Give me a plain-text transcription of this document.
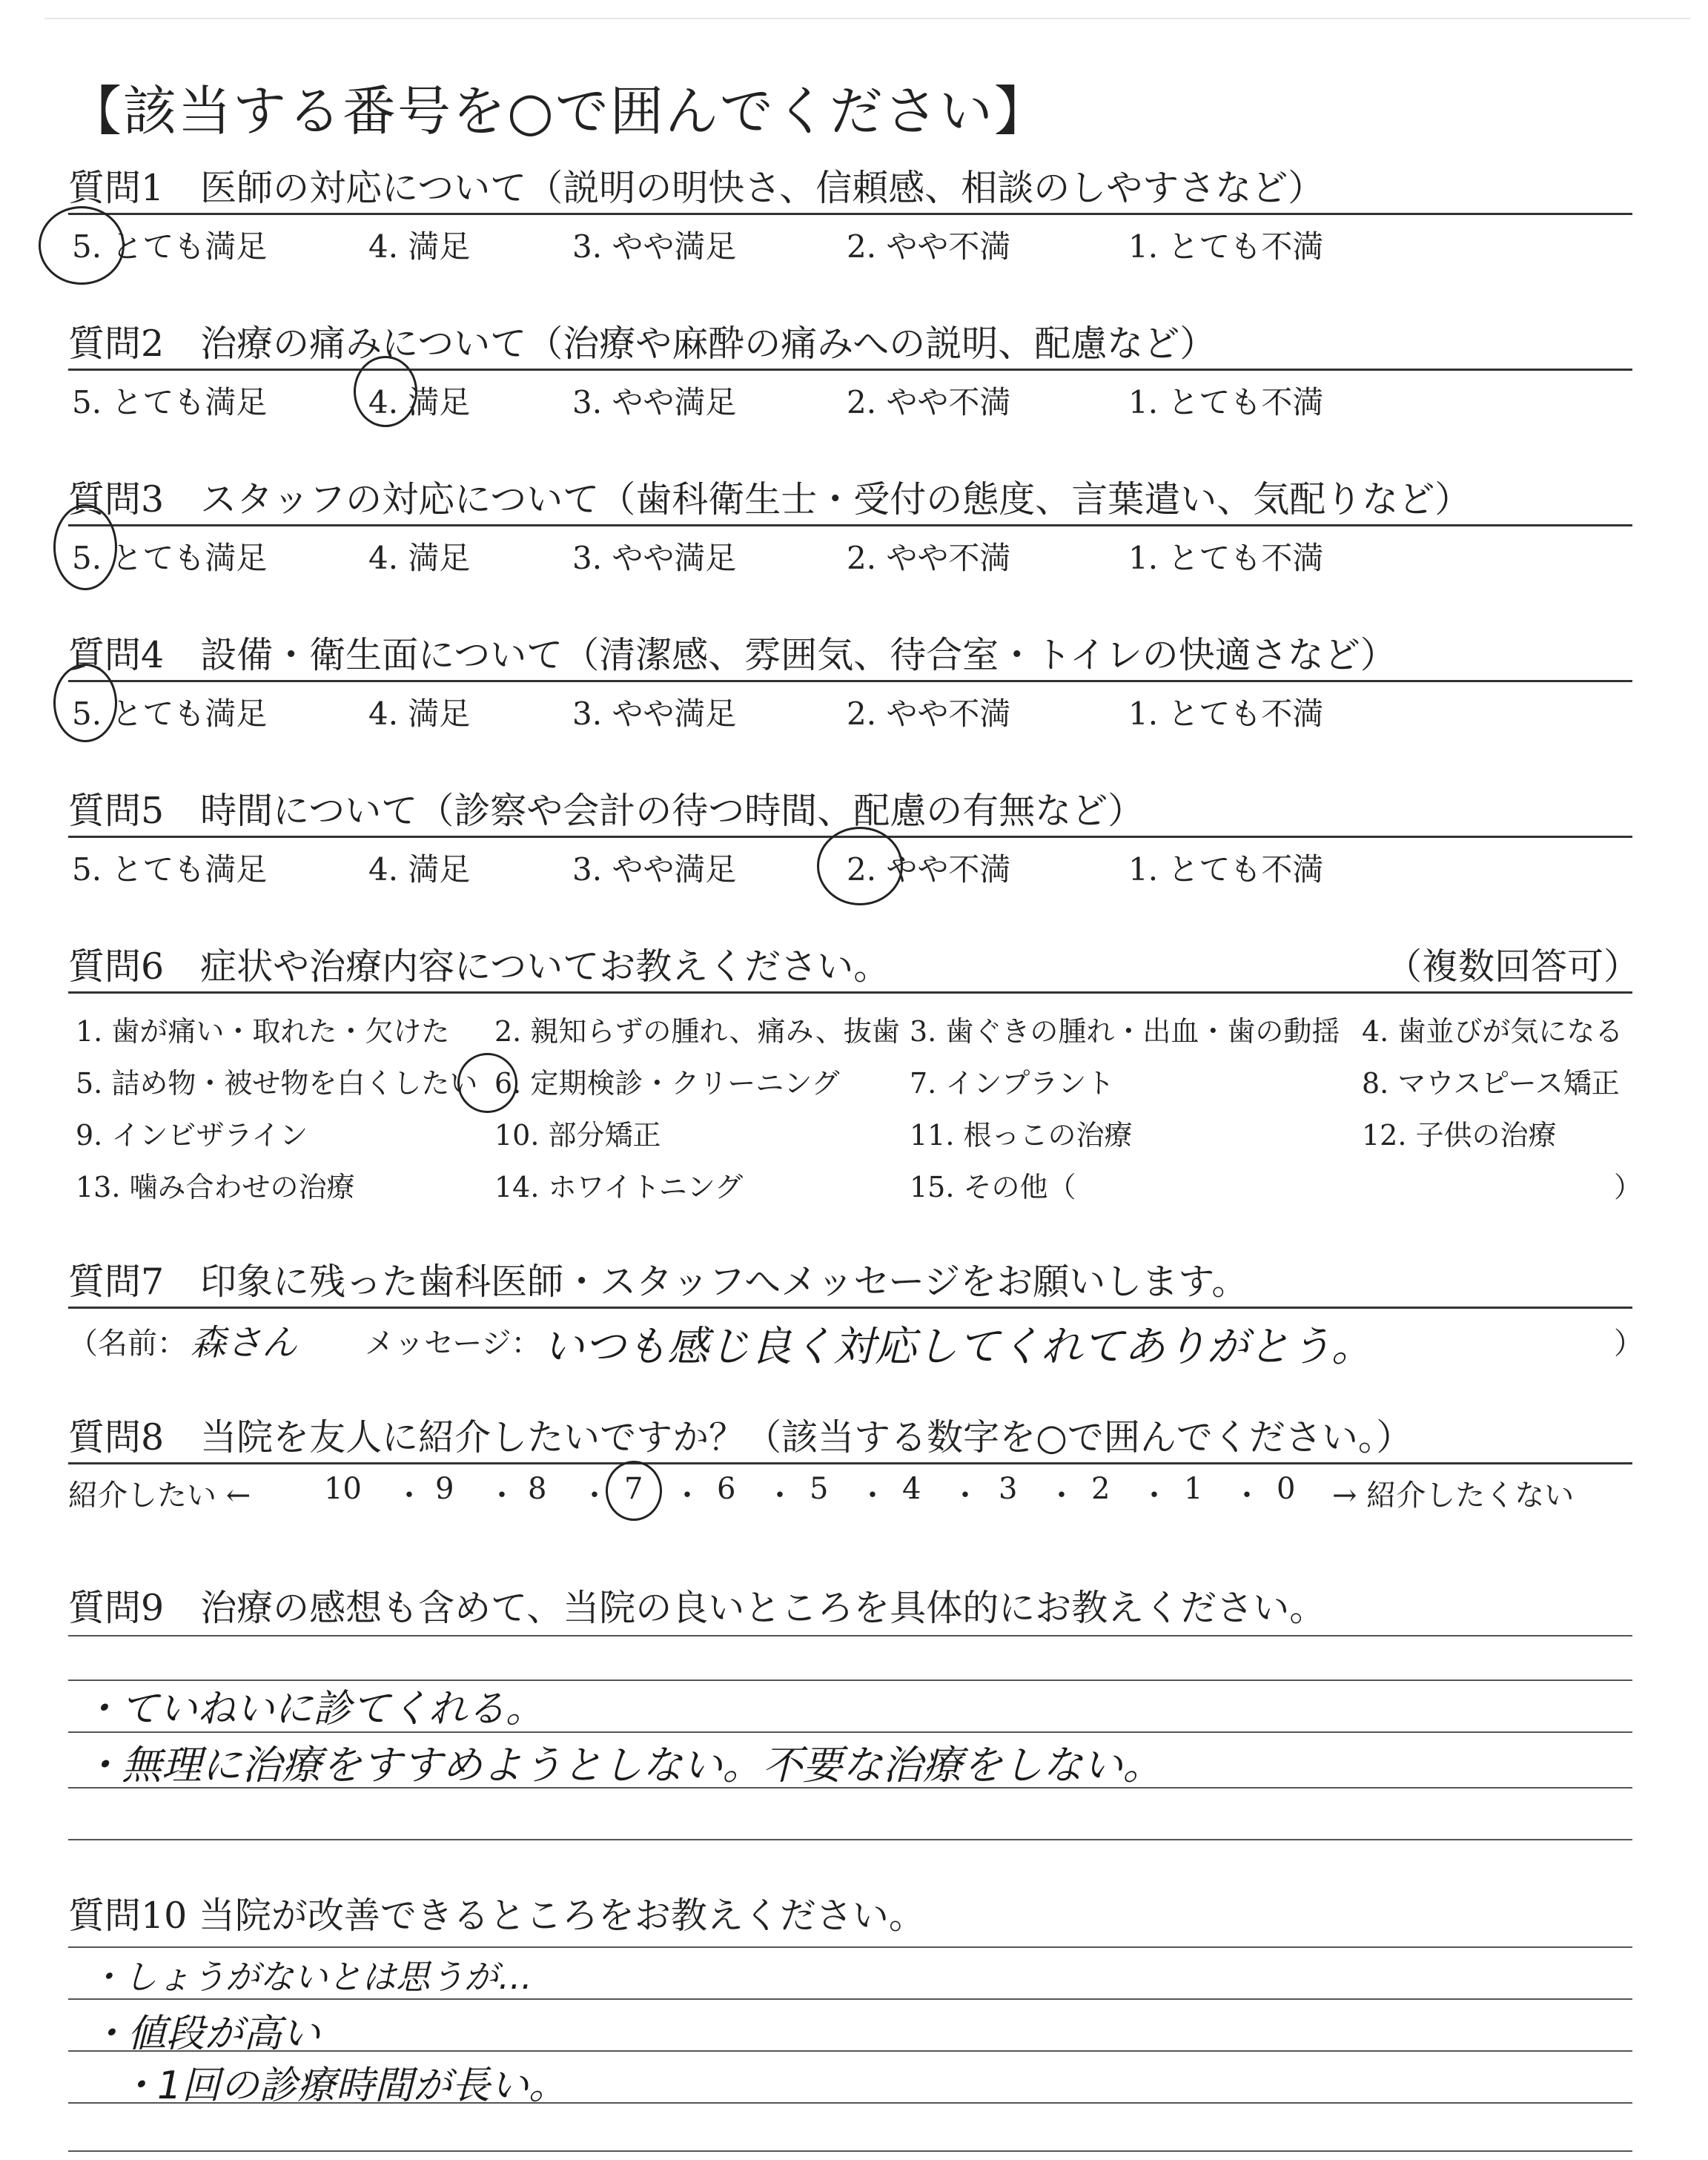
【該当する番号を○で囲んでください】
質問1　医師の対応について（説明の明快さ、信頼感、相談のしやすさなど）
5. とても満足	4. 満足	3. やや満足	2. やや不満	1. とても不満
質問2　治療の痛みについて（治療や麻酔の痛みへの説明、配慮など）
5. とても満足	4. 満足	3. やや満足	2. やや不満	1. とても不満
質問3　スタッフの対応について（歯科衛生士・受付の態度、言葉遣い、気配りなど）
5. とても満足	4. 満足	3. やや満足	2. やや不満	1. とても不満
質問4　設備・衛生面について（清潔感、雰囲気、待合室・トイレの快適さなど）
5. とても満足	4. 満足	3. やや満足	2. やや不満	1. とても不満
質問5　時間について（診察や会計の待つ時間、配慮の有無など）
5. とても満足	4. 満足	3. やや満足	2. やや不満	1. とても不満
質問6　症状や治療内容についてお教えください。	（複数回答可）
1. 歯が痛い・取れた・欠けた 2. 親知らずの腫れ、痛み、抜歯 3. 歯ぐきの腫れ・出血・歯の動揺 4. 歯並びが気になる
5. 詰め物・被せ物を白くしたい 6. 定期検診・クリーニング 7. インプラント	8. マウスピース矯正
9. インビザライン	10. 部分矯正	11. 根っこの治療	12. 子供の治療
13. 噛み合わせの治療	14. ホワイトニング	15. その他（	）
質問7　印象に残った歯科医師・スタッフへメッセージをお願いします。
（名前： 森さん メッセージ： いつも感じ良く対応してくれてありがとう。	）
質問8　当院を友人に紹介したいですか？（該当する数字を○で囲んでください。）
紹介したい ← 10 ・ 9 ・ 8 ・ 7 ・ 6 ・ 5 ・ 4 ・ 3 ・ 2 ・ 1 ・ 0 → 紹介したくない
質問9　治療の感想も含めて、当院の良いところを具体的にお教えください。
・ていねいに診てくれる。
・無理に治療をすすめようとしない。不要な治療をしない。
質問10 当院が改善できるところをお教えください。
・しょうがないとは思うが…
・値段が高い
・1回の診療時間が長い。
